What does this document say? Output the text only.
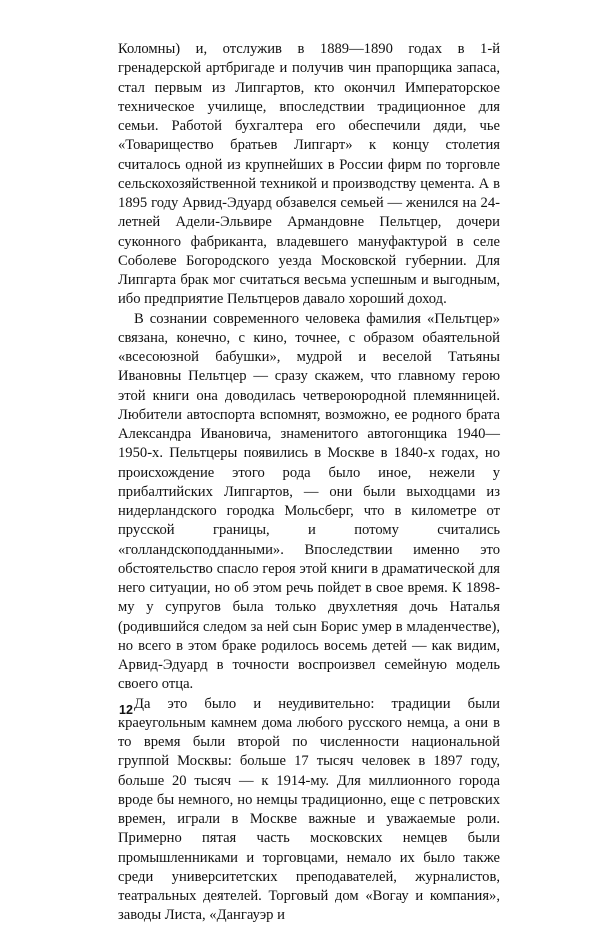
Коломны) и, отслужив в 1889—1890 годах в 1-й гренадерской артбригаде и получив чин прапорщика запаса, стал первым из Липгартов, кто окончил Императорское техническое училище, впоследствии традиционное для семьи. Работой бухгалтера его обеспечили дяди, чье «Товарищество братьев Липгарт» к концу столетия считалось одной из крупнейших в России фирм по торговле сельскохозяйственной техникой и производству цемента. А в 1895 году Арвид-Эдуард обзавелся семьей — женился на 24-летней Адели-Эльвире Армандовне Пельтцер, дочери суконного фабриканта, владевшего мануфактурой в селе Соболеве Богородского уезда Московской губернии. Для Липгарта брак мог считаться весьма успешным и выгодным, ибо предприятие Пельтцеров давало хороший доход.

В сознании современного человека фамилия «Пельтцер» связана, конечно, с кино, точнее, с образом обаятельной «всесоюзной бабушки», мудрой и веселой Татьяны Ивановны Пельтцер — сразу скажем, что главному герою этой книги она доводилась четвероюродной племянницей. Любители автоспорта вспомнят, возможно, ее родного брата Александра Ивановича, знаменитого автогонщика 1940—1950-х. Пельтцеры появились в Москве в 1840-х годах, но происхождение этого рода было иное, нежели у прибалтийских Липгартов, — они были выходцами из нидерландского городка Мольсберг, что в километре от прусской границы, и потому считались «голландскоподданными». Впоследствии именно это обстоятельство спасло героя этой книги в драматической для него ситуации, но об этом речь пойдет в свое время. К 1898-му у супругов была только двухлетняя дочь Наталья (родившийся следом за ней сын Борис умер в младенчестве), но всего в этом браке родилось восемь детей — как видим, Арвид-Эдуард в точности воспроизвел семейную модель своего отца.

Да это было и неудивительно: традиции были краеугольным камнем дома любого русского немца, а они в то время были второй по численности национальной группой Москвы: больше 17 тысяч человек в 1897 году, больше 20 тысяч — к 1914-му. Для миллионного города вроде бы немного, но немцы традиционно, еще с петровских времен, играли в Москве важные и уважаемые роли. Примерно пятая часть московских немцев были промышленниками и торговцами, немало их было также среди университетских преподавателей, журналистов, театральных деятелей. Торговый дом «Вогау и компания», заводы Листа, «Дангауэр и

12
